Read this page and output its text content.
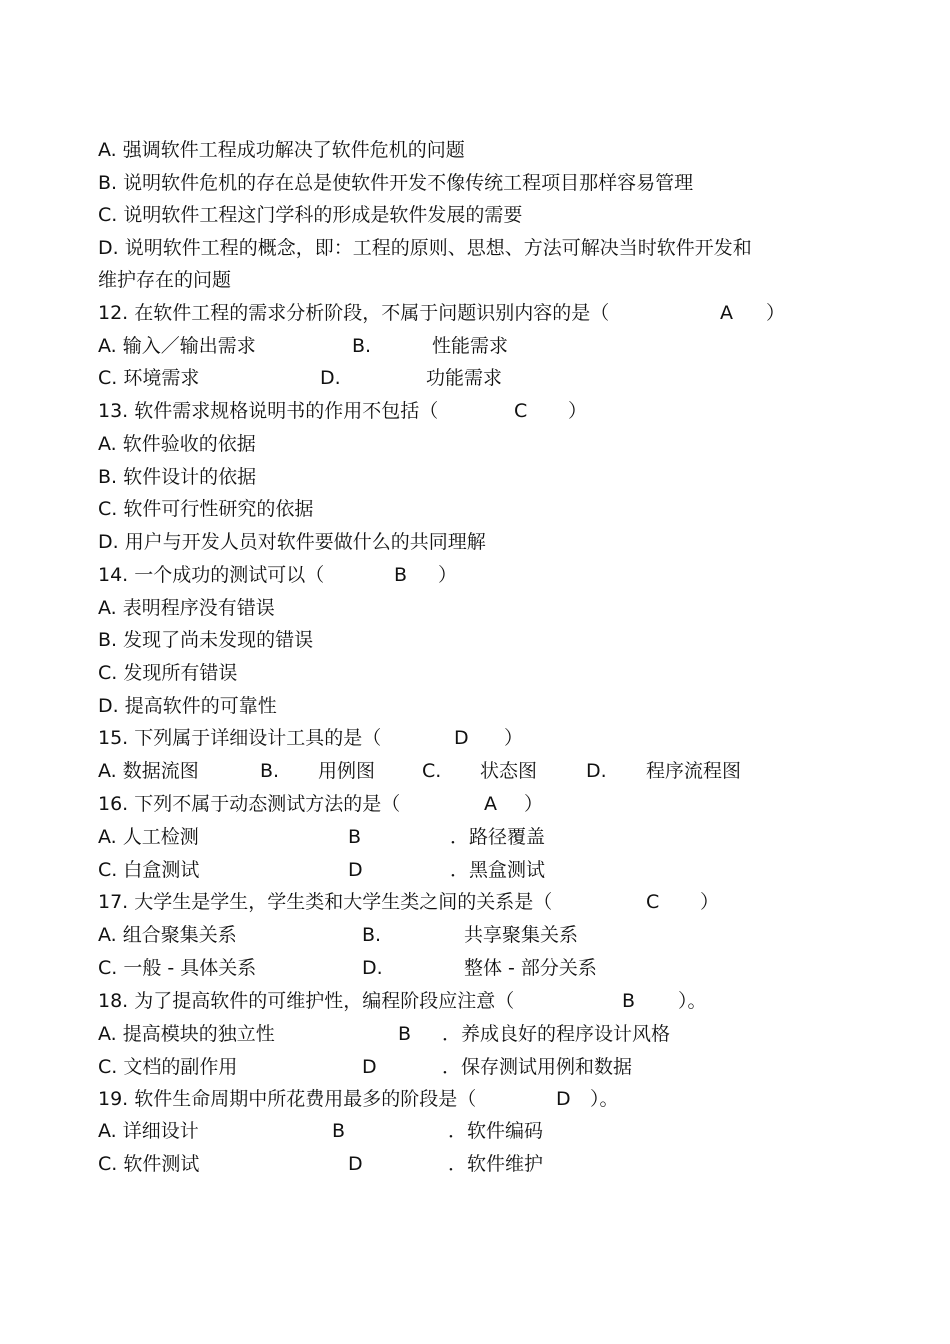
A. 强调软件工程成功解决了软件危机的问题
B. 说明软件危机的存在总是使软件开发不像传统工程项目那样容易管理
C. 说明软件工程这门学科的形成是软件发展的需要
D. 说明软件工程的概念，即：工程的原则、思想、方法可解决当时软件开发和
维护存在的问题
12. 在软件工程的需求分析阶段，不属于问题识别内容的是（	A ）
A. 输入／输出需求	B.	性能需求
C. 环境需求	D.	功能需求
13. 软件需求规格说明书的作用不包括（	C ）
A. 软件验收的依据
B. 软件设计的依据
C. 软件可行性研究的依据
D. 用户与开发人员对软件要做什么的共同理解
14. 一个成功的测试可以（	B ）
A. 表明程序没有错误
B. 发现了尚未发现的错误
C. 发现所有错误
D. 提高软件的可靠性
15. 下列属于详细设计工具的是（	D ）
A. 数据流图	B. 用例图 C. 状态图	D. 程序流程图
16. 下列不属于动态测试方法的是（	A ）
A. 人工检测	B	．路径覆盖
C. 白盒测试	D	．黑盒测试
17. 大学生是学生，学生类和大学生类之间的关系是（	C ）
A. 组合聚集关系	B.	共享聚集关系
C. 一般 - 具体关系	D.	整体 - 部分关系
18. 为了提高软件的可维护性，编程阶段应注意（	B ）。
A. 提高模块的独立性	B ．养成良好的程序设计风格
C. 文档的副作用	D	．保存测试用例和数据
19. 软件生命周期中所花费用最多的阶段是（	D ）。
A. 详细设计	B	．软件编码
C. 软件测试	D	．软件维护
